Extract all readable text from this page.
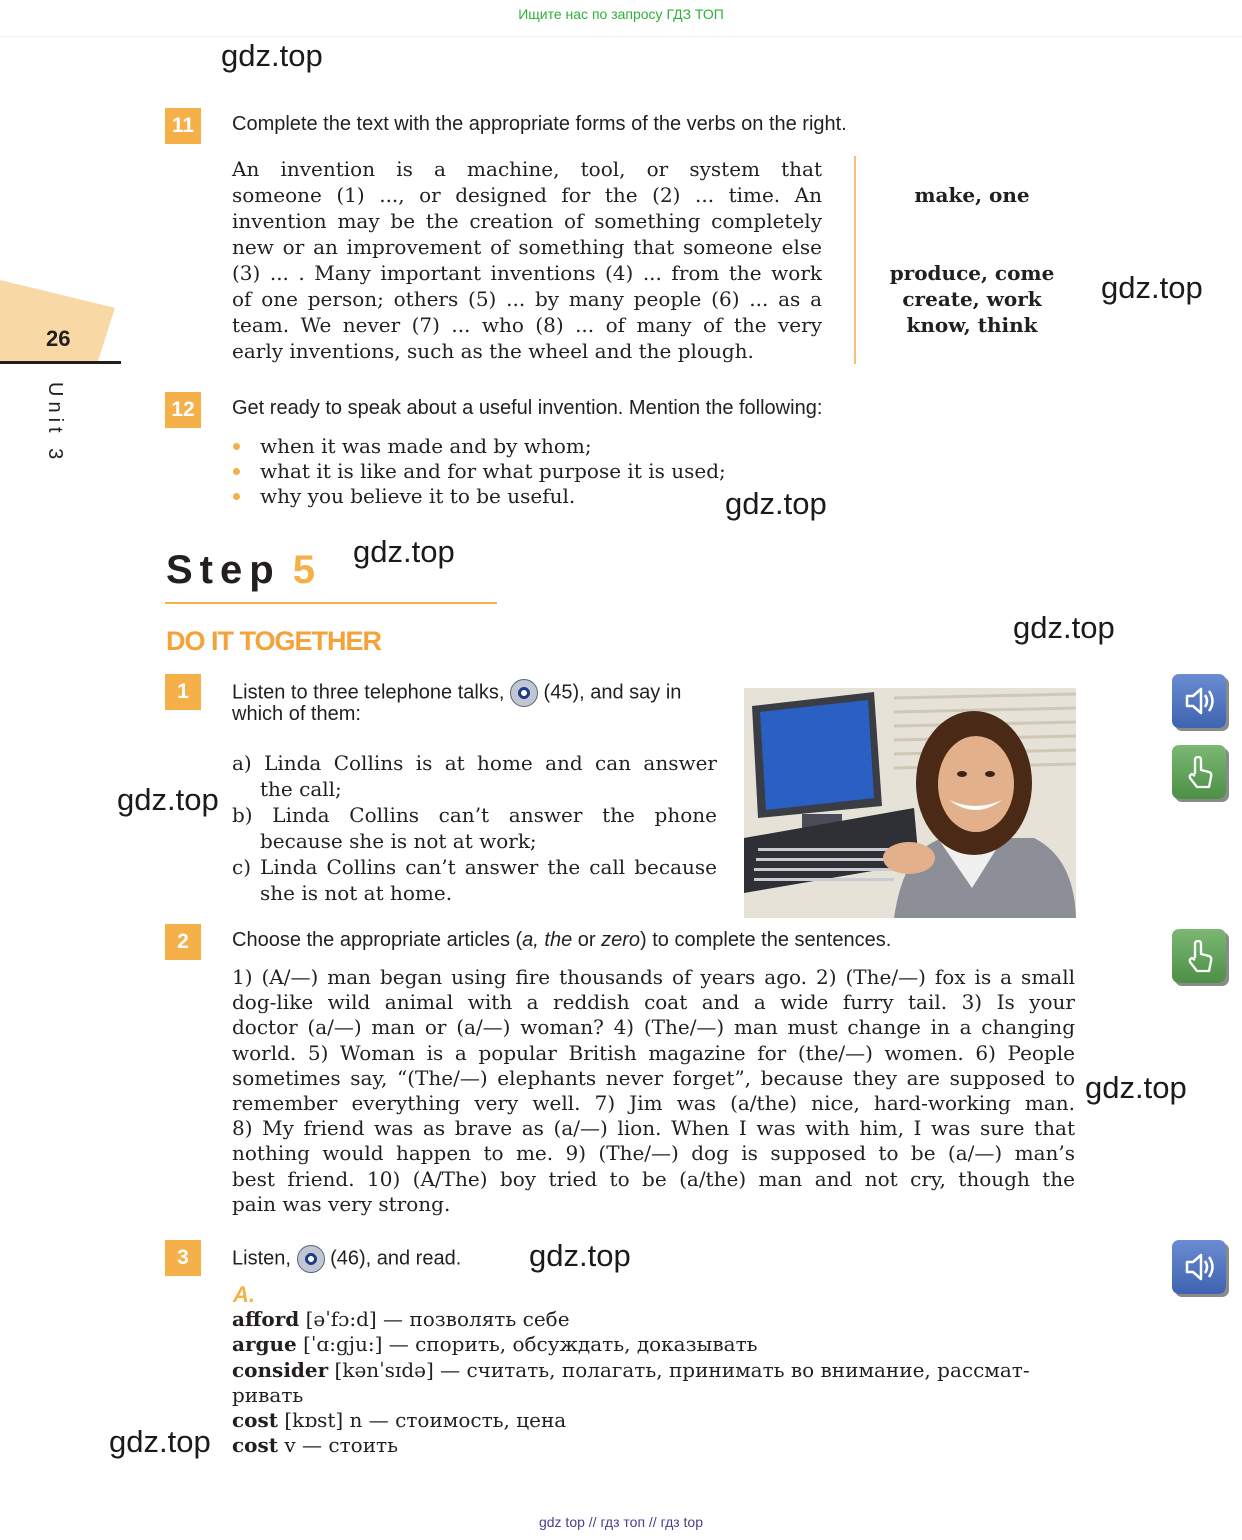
Ищите нас по запросу ГДЗ ТОП
gdz.top
gdz.top
gdz.top
gdz.top
gdz.top
gdz.top
gdz.top
gdz.top
gdz.top
26
Unit 3
11	Complete the text with the appropriate forms of the verbs on the right.
An invention is a machine, tool, or system that
someone (1) ..., or designed for the (2) ... time. An
invention may be the creation of something completely
new or an improvement of something that someone else
(3) ... . Many important inventions (4) ... from the work
of one person; others (5) ... by many people (6) ... as a
team. We never (7) ... who (8) ... of many of the very
early inventions, such as the wheel and the plough.
make, one
produce, come
create, work
know, think
12	Get ready to speak about a useful invention. Mention the following:
when it was made and by whom;
what it is like and for what purpose it is used;
why you believe it to be useful.
Step 5
DO IT TOGETHER
1	Listen to three telephone talks, (45), and say in
which of them:
a) Linda Collins is at home and can answer
the call;
b) Linda Collins can’t answer the phone
because she is not at work;
c) Linda Collins can’t answer the call because
she is not at home.
2	Choose the appropriate articles (a, the or zero) to complete the sentences.
1) (A/—) man began using fire thousands of years ago. 2) (The/—) fox is a small
dog-like wild animal with a reddish coat and a wide furry tail. 3) Is your
doctor (a/—) man or (a/—) woman? 4) (The/—) man must change in a changing
world. 5) Woman is a popular British magazine for (the/—) women. 6) People
sometimes say, “(The/—) elephants never forget”, because they are supposed to
remember everything very well. 7) Jim was (a/the) nice, hard-working man.
8) My friend was as brave as (a/—) lion. When I was with him, I was sure that
nothing would happen to me. 9) (The/—) dog is supposed to be (a/—) man’s
best friend. 10) (A/The) boy tried to be (a/the) man and not cry, though the
pain was very strong.
3	Listen, (46), and read.
A.
afford [əˈfɔ:d] — позволять себе
argue [ˈɑ:gju:] — спорить, обсуждать, доказывать
consider [kənˈsɪdə] — считать, полагать, принимать во внимание, рассмат-
ривать
cost [kɒst] n — стоимость, цена
cost v — стоить
gdz top // гдз топ // гдз top
